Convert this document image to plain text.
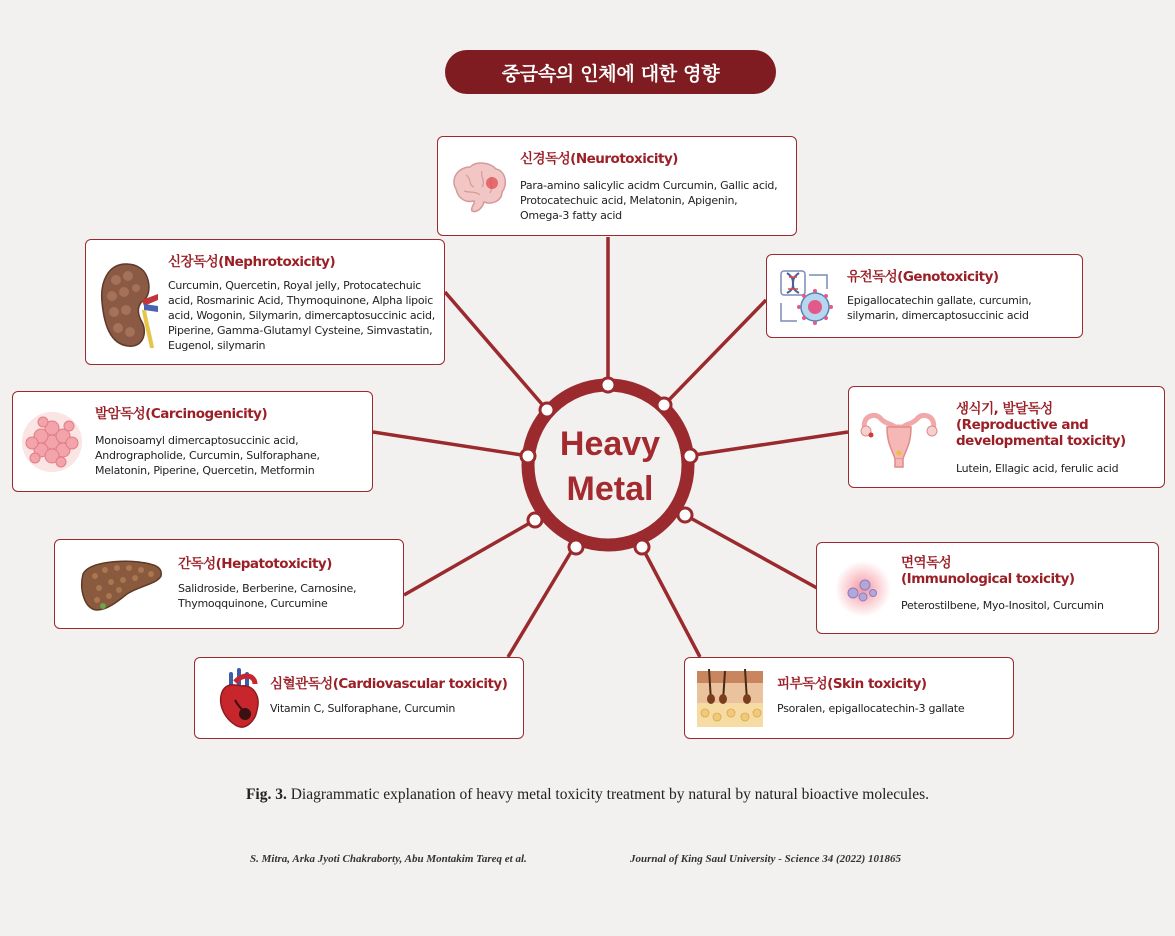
중금속의 인체에 대한 영향
Heavy
Metal
신경독성(Neurotoxicity)
Para-amino salicylic acidm Curcumin, Gallic acid, Protocatechuic acid, Melatonin, Apigenin, Omega-3 fatty acid
신장독성(Nephrotoxicity)
Curcumin, Quercetin, Royal jelly, Protocatechuic acid, Rosmarinic Acid, Thymoquinone, Alpha lipoic acid, Wogonin, Silymarin, dimercaptosuccinic acid, Piperine, Gamma-Glutamyl Cysteine, Simvastatin, Eugenol, silymarin
유전독성(Genotoxicity)
Epigallocatechin gallate, curcumin, silymarin, dimercaptosuccinic acid
발암독성(Carcinogenicity)
Monoisoamyl dimercaptosuccinic acid, Andrographolide, Curcumin, Sulforaphane, Melatonin, Piperine, Quercetin, Metformin
생식기, 발달독성
(Reproductive and
developmental toxicity)
Lutein, Ellagic acid, ferulic acid
간독성(Hepatotoxicity)
Salidroside, Berberine, Carnosine, Thymoqquinone, Curcumine
면역독성
(Immunological toxicity)
Peterostilbene, Myo-Inositol, Curcumin
심혈관독성(Cardiovascular toxicity)
Vitamin C, Sulforaphane, Curcumin
피부독성(Skin toxicity)
Psoralen, epigallocatechin-3 gallate
Fig. 3. Diagrammatic explanation of heavy metal toxicity treatment by natural by natural bioactive molecules.
S. Mitra, Arka Jyoti Chakraborty, Abu Montakim Tareq et al.	Journal of King Saul University - Science 34 (2022) 101865
